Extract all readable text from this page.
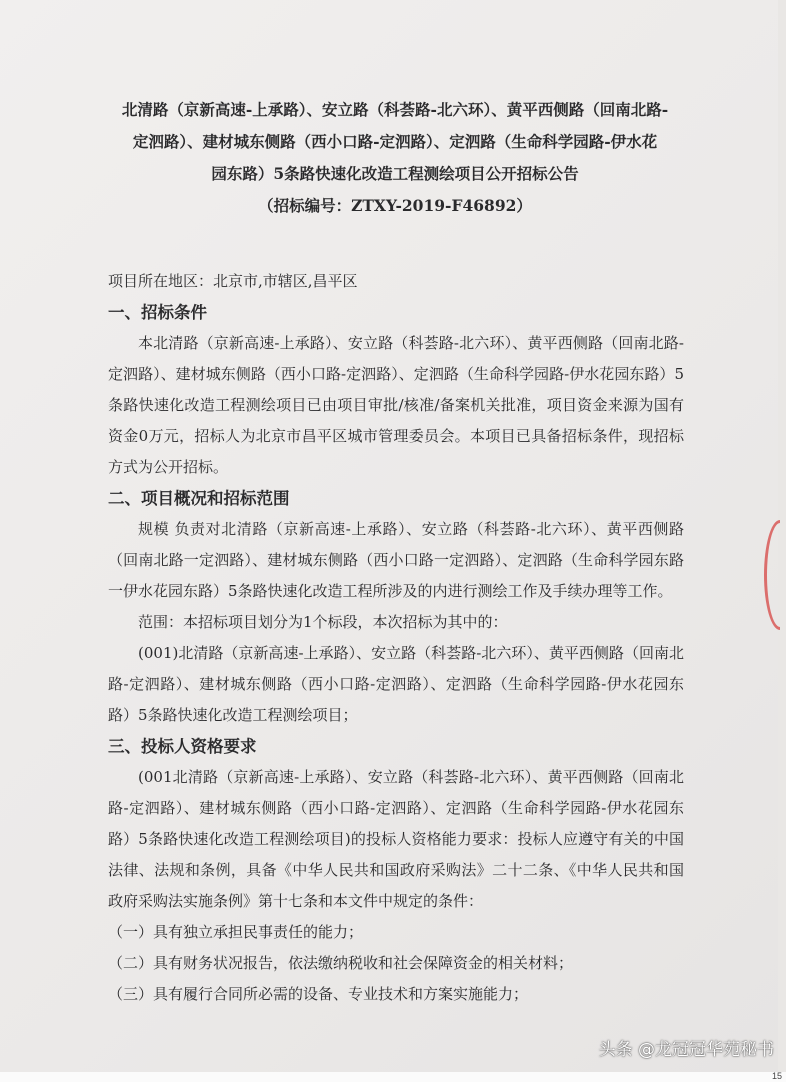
北清路（京新高速-上承路）、安立路（科荟路-北六环）、黄平西侧路（回南北路-
定泗路）、建材城东侧路（西小口路-定泗路）、定泗路（生命科学园路-伊水花
园东路）5条路快速化改造工程测绘项目公开招标公告
（招标编号：ZTXY-2019-F46892）

项目所在地区：北京市,市辖区,昌平区

一、招标条件

本北清路（京新高速-上承路）、安立路（科荟路-北六环）、黄平西侧路（回南北路-定泗路）、建材城东侧路（西小口路-定泗路）、定泗路（生命科学园路-伊水花园东路）5条路快速化改造工程测绘项目已由项目审批/核准/备案机关批准，项目资金来源为国有资金0万元，招标人为北京市昌平区城市管理委员会。本项目已具备招标条件，现招标方式为公开招标。

二、项目概况和招标范围

规模 负责对北清路（京新高速-上承路）、安立路（科荟路-北六环）、黄平西侧路（回南北路一定泗路）、建材城东侧路（西小口路一定泗路）、定泗路（生命科学园东路一伊水花园东路）5条路快速化改造工程所涉及的内进行测绘工作及手续办理等工作。

范围：本招标项目划分为1个标段，本次招标为其中的：

(001)北清路（京新高速-上承路）、安立路（科荟路-北六环）、黄平西侧路（回南北路-定泗路）、建材城东侧路（西小口路-定泗路）、定泗路（生命科学园路-伊水花园东路）5条路快速化改造工程测绘项目；

三、投标人资格要求

(001北清路（京新高速-上承路）、安立路（科荟路-北六环）、黄平西侧路（回南北路-定泗路）、建材城东侧路（西小口路-定泗路）、定泗路（生命科学园路-伊水花园东路）5条路快速化改造工程测绘项目)的投标人资格能力要求：投标人应遵守有关的中国法律、法规和条例，具备《中华人民共和国政府采购法》二十二条、《中华人民共和国政府采购法实施条例》第十七条和本文件中规定的条件：

（一）具有独立承担民事责任的能力；

（二）具有财务状况报告，依法缴纳税收和社会保障资金的相关材料；

（三）具有履行合同所必需的设备、专业技术和方案实施能力；

15
头条 @龙冠冠华苑秘书
